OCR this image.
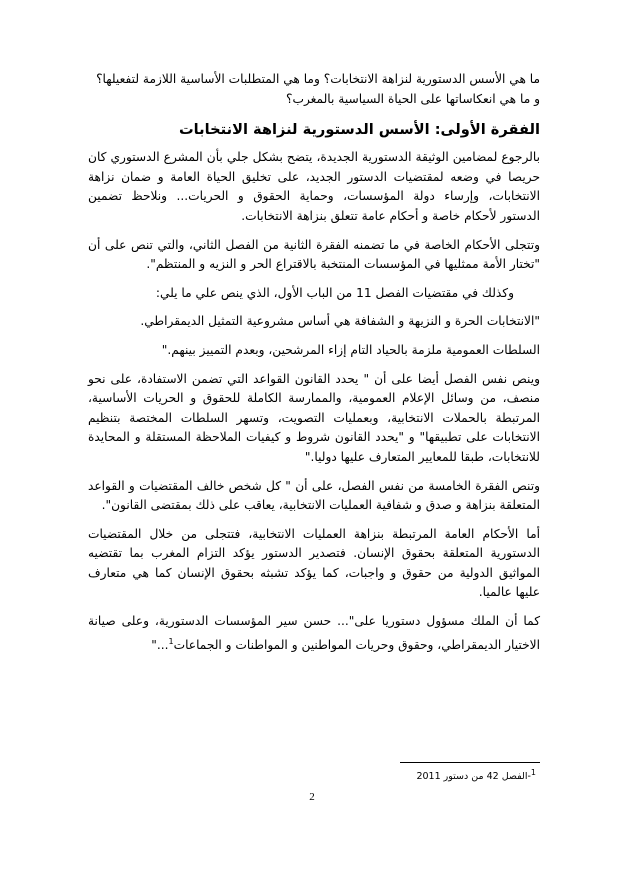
ما هي الأسس الدستورية لنزاهة الانتخابات؟ وما هي المتطلبات الأساسية اللازمة لتفعيلها؟
و ما هي انعكاساتها على الحياة السياسية بالمغرب؟
الفقرة الأولى: الأسس الدستورية لنزاهة الانتخابات
بالرجوع لمضامين الوثيقة الدستورية الجديدة، يتضح بشكل جلي بأن المشرع الدستوري كان
حريصا في وضعه لمقتضيات الدستور الجديد، على تخليق الحياة العامة و ضمان نزاهة
الانتخابات، وإرساء دولة المؤسسات، وحماية الحقوق و الحريات... ونلاحظ تضمين
الدستور لأحكام خاصة و أحكام عامة تتعلق بنزاهة الانتخابات.
وتتجلى الأحكام الخاصة في ما تضمنه الفقرة الثانية من الفصل الثاني، والتي تنص على أن
"تختار الأمة ممثليها في المؤسسات المنتخبة بالاقتراع الحر و النزيه و المنتظم".
وكذلك في مقتضيات الفصل 11 من الباب الأول، الذي ينص علي ما يلي:
"الانتخابات الحرة و النزيهة و الشفافة هي أساس مشروعية التمثيل الديمقراطي.
السلطات العمومية ملزمة بالحياد التام إزاء المرشحين، وبعدم التمييز بينهم."
وينص نفس الفصل أيضا على أن " يحدد القانون القواعد التي تضمن الاستفادة، على نحو
منصف، من وسائل الإعلام العمومية، والممارسة الكاملة للحقوق و الحريات الأساسية،
المرتبطة بالحملات الانتخابية، وبعمليات التصويت، وتسهر السلطات المختصة بتنظيم
الانتخابات على تطبيقها" و "يحدد القانون شروط و كيفيات الملاحظة المستقلة و المحايدة
للانتخابات، طبقا للمعايير المتعارف عليها دوليا."
وتنص الفقرة الخامسة من نفس الفصل، على أن " كل شخص خالف المقتضيات و القواعد
المتعلقة بنزاهة و صدق و شفافية العمليات الانتخابية، يعاقب على ذلك بمقتضى القانون".
أما الأحكام العامة المرتبطة بنزاهة العمليات الانتخابية، فتتجلى من خلال المقتضيات
الدستورية المتعلقة بحقوق الإنسان. فتصدير الدستور يؤكد التزام المغرب بما تقتضيه
المواثيق الدولية من حقوق و واجبات، كما يؤكد تشبثه بحقوق الإنسان كما هي متعارف
عليها عالميا.
كما أن الملك مسؤول دستوريا على"... حسن سير المؤسسات الدستورية، وعلى صيانة
الاختيار الديمقراطي، وحقوق وحريات المواطنين و المواطنات و الجماعات$^1$..."
$^1$-الفصل 42 من دستور 2011
2
